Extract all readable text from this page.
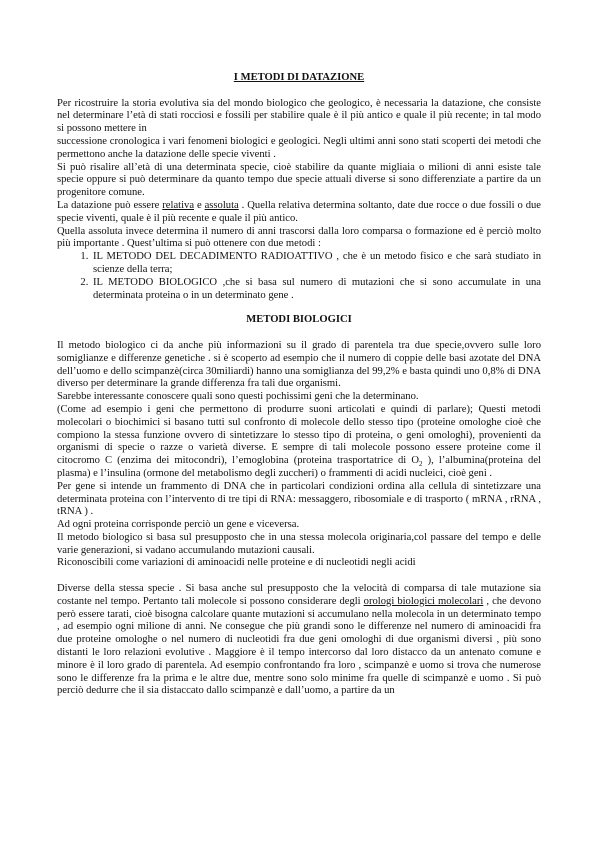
I METODI DI DATAZIONE

Per ricostruire la storia evolutiva sia del mondo biologico che geologico, è necessaria la datazione, che consiste nel determinare l’età di stati rocciosi e fossili per stabilire quale è il più antico e quale il più recente; in tal modo si possono mettere in

successione cronologica i vari fenomeni biologici e geologici. Negli ultimi anni sono stati scoperti dei metodi che permettono anche la datazione delle specie viventi .

Si può risalire all’età di una determinata specie, cioè stabilire da quante migliaia o milioni di anni esiste tale specie oppure si può determinare da quanto tempo due specie attuali diverse si sono differenziate a partire da un progenitore comune.

La datazione può essere relativa e assoluta . Quella relativa determina soltanto, date due rocce o due fossili o due specie viventi, quale è il più recente e quale il più antico.

Quella assoluta invece determina il numero di anni trascorsi dalla loro comparsa o formazione ed è perciò molto più importante . Quest’ultima si può ottenere con due metodi :

1. IL METODO DEL DECADIMENTO RADIOATTIVO , che è un metodo fisico e che sarà studiato in scienze della terra;
2. IL METODO BIOLOGICO ,che si basa sul numero di mutazioni che si sono accumulate in una determinata proteina o in un determinato gene .
METODI BIOLOGICI

Il metodo biologico ci da anche più informazioni su il grado di parentela tra due specie,ovvero sulle loro somiglianze e differenze genetiche . si è scoperto ad esempio che il numero di coppie delle basi azotate del DNA dell’uomo e dello scimpanzè(circa 30miliardi) hanno una somiglianza del 99,2% e basta quindi uno 0,8% di DNA diverso per determinare la grande differenza fra tali due organismi.

Sarebbe interessante conoscere quali sono questi pochissimi geni che la determinano.

(Come ad esempio i geni che permettono di produrre suoni articolati e quindi di parlare); Questi metodi molecolari o biochimici si basano tutti sul confronto di molecole dello stesso tipo (proteine omologhe cioè che compiono la stessa funzione ovvero di sintetizzare lo stesso tipo di proteina, o geni omologhi), provenienti da organismi di specie o razze o varietà diverse. E sempre di tali molecole possono essere proteine come il citocromo C (enzima dei mitocondri), l’emoglobina (proteina trasportatrice di $O_2$ ), l’albumina(proteina del plasma) e l’insulina (ormone del metabolismo degli zuccheri) o frammenti di acidi nucleici, cioè geni .

Per gene si intende un frammento di DNA che in particolari condizioni ordina alla cellula di sintetizzare una determinata proteina con l’intervento di tre tipi di RNA: messaggero, ribosomiale e di trasporto ( mRNA , rRNA , tRNA ) .

Ad ogni proteina corrisponde perciò un gene e viceversa.

Il metodo biologico si basa sul presupposto che in una stessa molecola originaria,col passare del tempo e delle varie generazioni, si vadano accumulando mutazioni causali.

Riconoscibili come variazioni di aminoacidi nelle proteine e di nucleotidi negli acidi

Diverse della stessa specie . Si basa anche sul presupposto che la velocità di comparsa di tale mutazione sia costante nel tempo. Pertanto tali molecole si possono considerare degli orologi biologici molecolari , che devono però essere tarati, cioè bisogna calcolare quante mutazioni si accumulano nella molecola in un determinato tempo , ad esempio ogni milione di anni. Ne consegue che più grandi sono le differenze nel numero di aminoacidi fra due proteine omologhe o nel numero di nucleotidi fra due geni omologhi di due organismi diversi , più sono distanti le loro relazioni evolutive . Maggiore è il tempo intercorso dal loro distacco da un antenato comune e minore è il loro grado di parentela. Ad esempio confrontando fra loro , scimpanzè e uomo si trova che numerose sono le differenze fra la prima e le altre due, mentre sono solo minime fra quelle di scimpanzè e uomo . Si può perciò dedurre che il sia distaccato dallo scimpanzè e dall’uomo, a partire da un
